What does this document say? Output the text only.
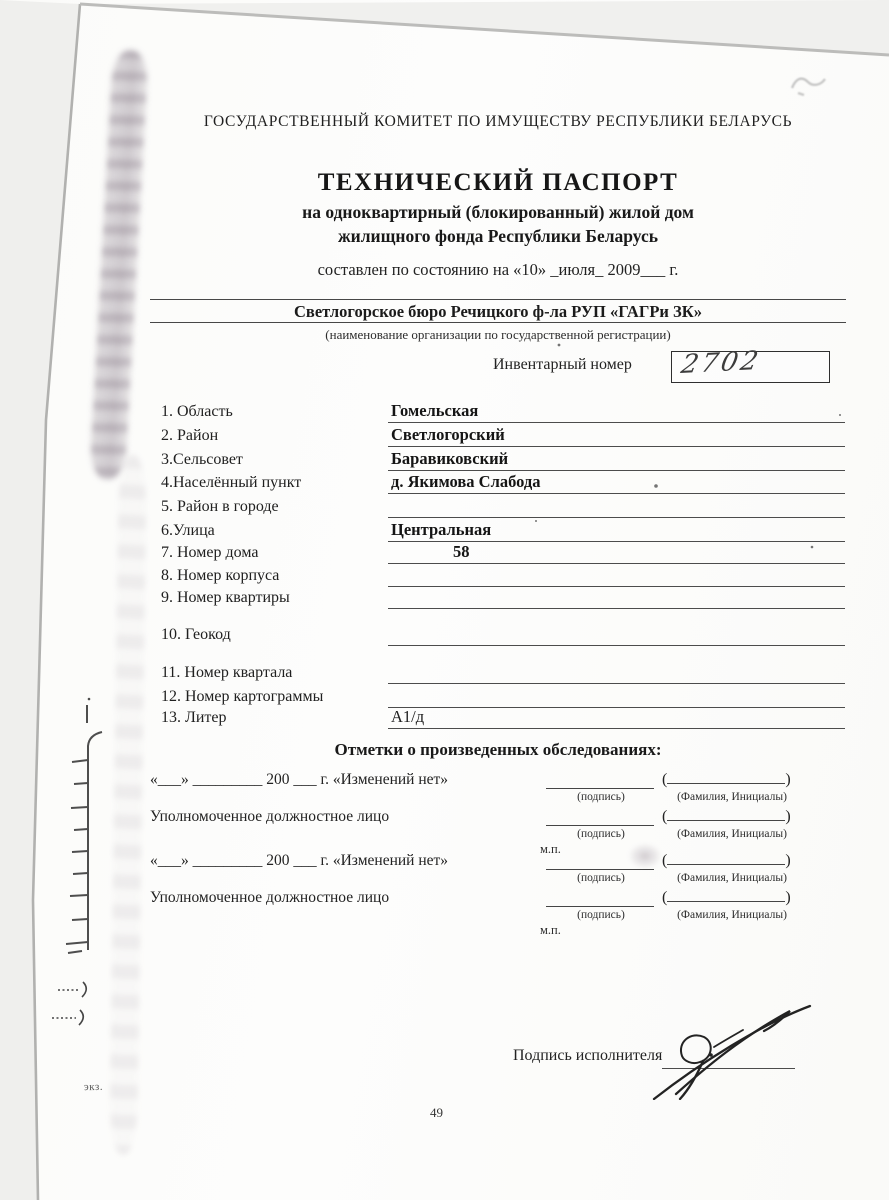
ГОСУДАРСТВЕННЫЙ КОМИТЕТ ПО ИМУЩЕСТВУ РЕСПУБЛИКИ БЕЛАРУСЬ
ТЕХНИЧЕСКИЙ ПАСПОРТ
на одноквартирный (блокированный) жилой дом
жилищного фонда Республики Беларусь
составлен по состоянию на «10» _июля_ 2009___ г.
Светлогорское бюро Речицкого ф-ла РУП «ГАГРи ЗК»
(наименование организации по государственной регистрации)
Инвентарный номер 2702
1. Область	Гомельская
2. Район	Светлогорский
3.Сельсовет	Баравиковский
4.Населённый пункт	д. Якимова Слабода
5. Район в городе
6.Улица	Центральная
7. Номер дома	58
8. Номер корпуса
9. Номер квартиры
10. Геокод
11. Номер квартала
12. Номер картограммы
13. Литер	А1/д
Отметки о произведенных обследованиях:
«___» _________ 200 ___ г. «Изменений нет»	(	)
(подпись)	(Фамилия, Инициалы)
Уполномоченное должностное лицо	(	)
(подпись)	(Фамилия, Инициалы)
м.п.
«___» _________ 200 ___ г. «Изменений нет»	(	)
(подпись)	(Фамилия, Инициалы)
Уполномоченное должностное лицо	(	)
(подпись)	(Фамилия, Инициалы)
м.п.
Подпись исполнителя
49
экз.
